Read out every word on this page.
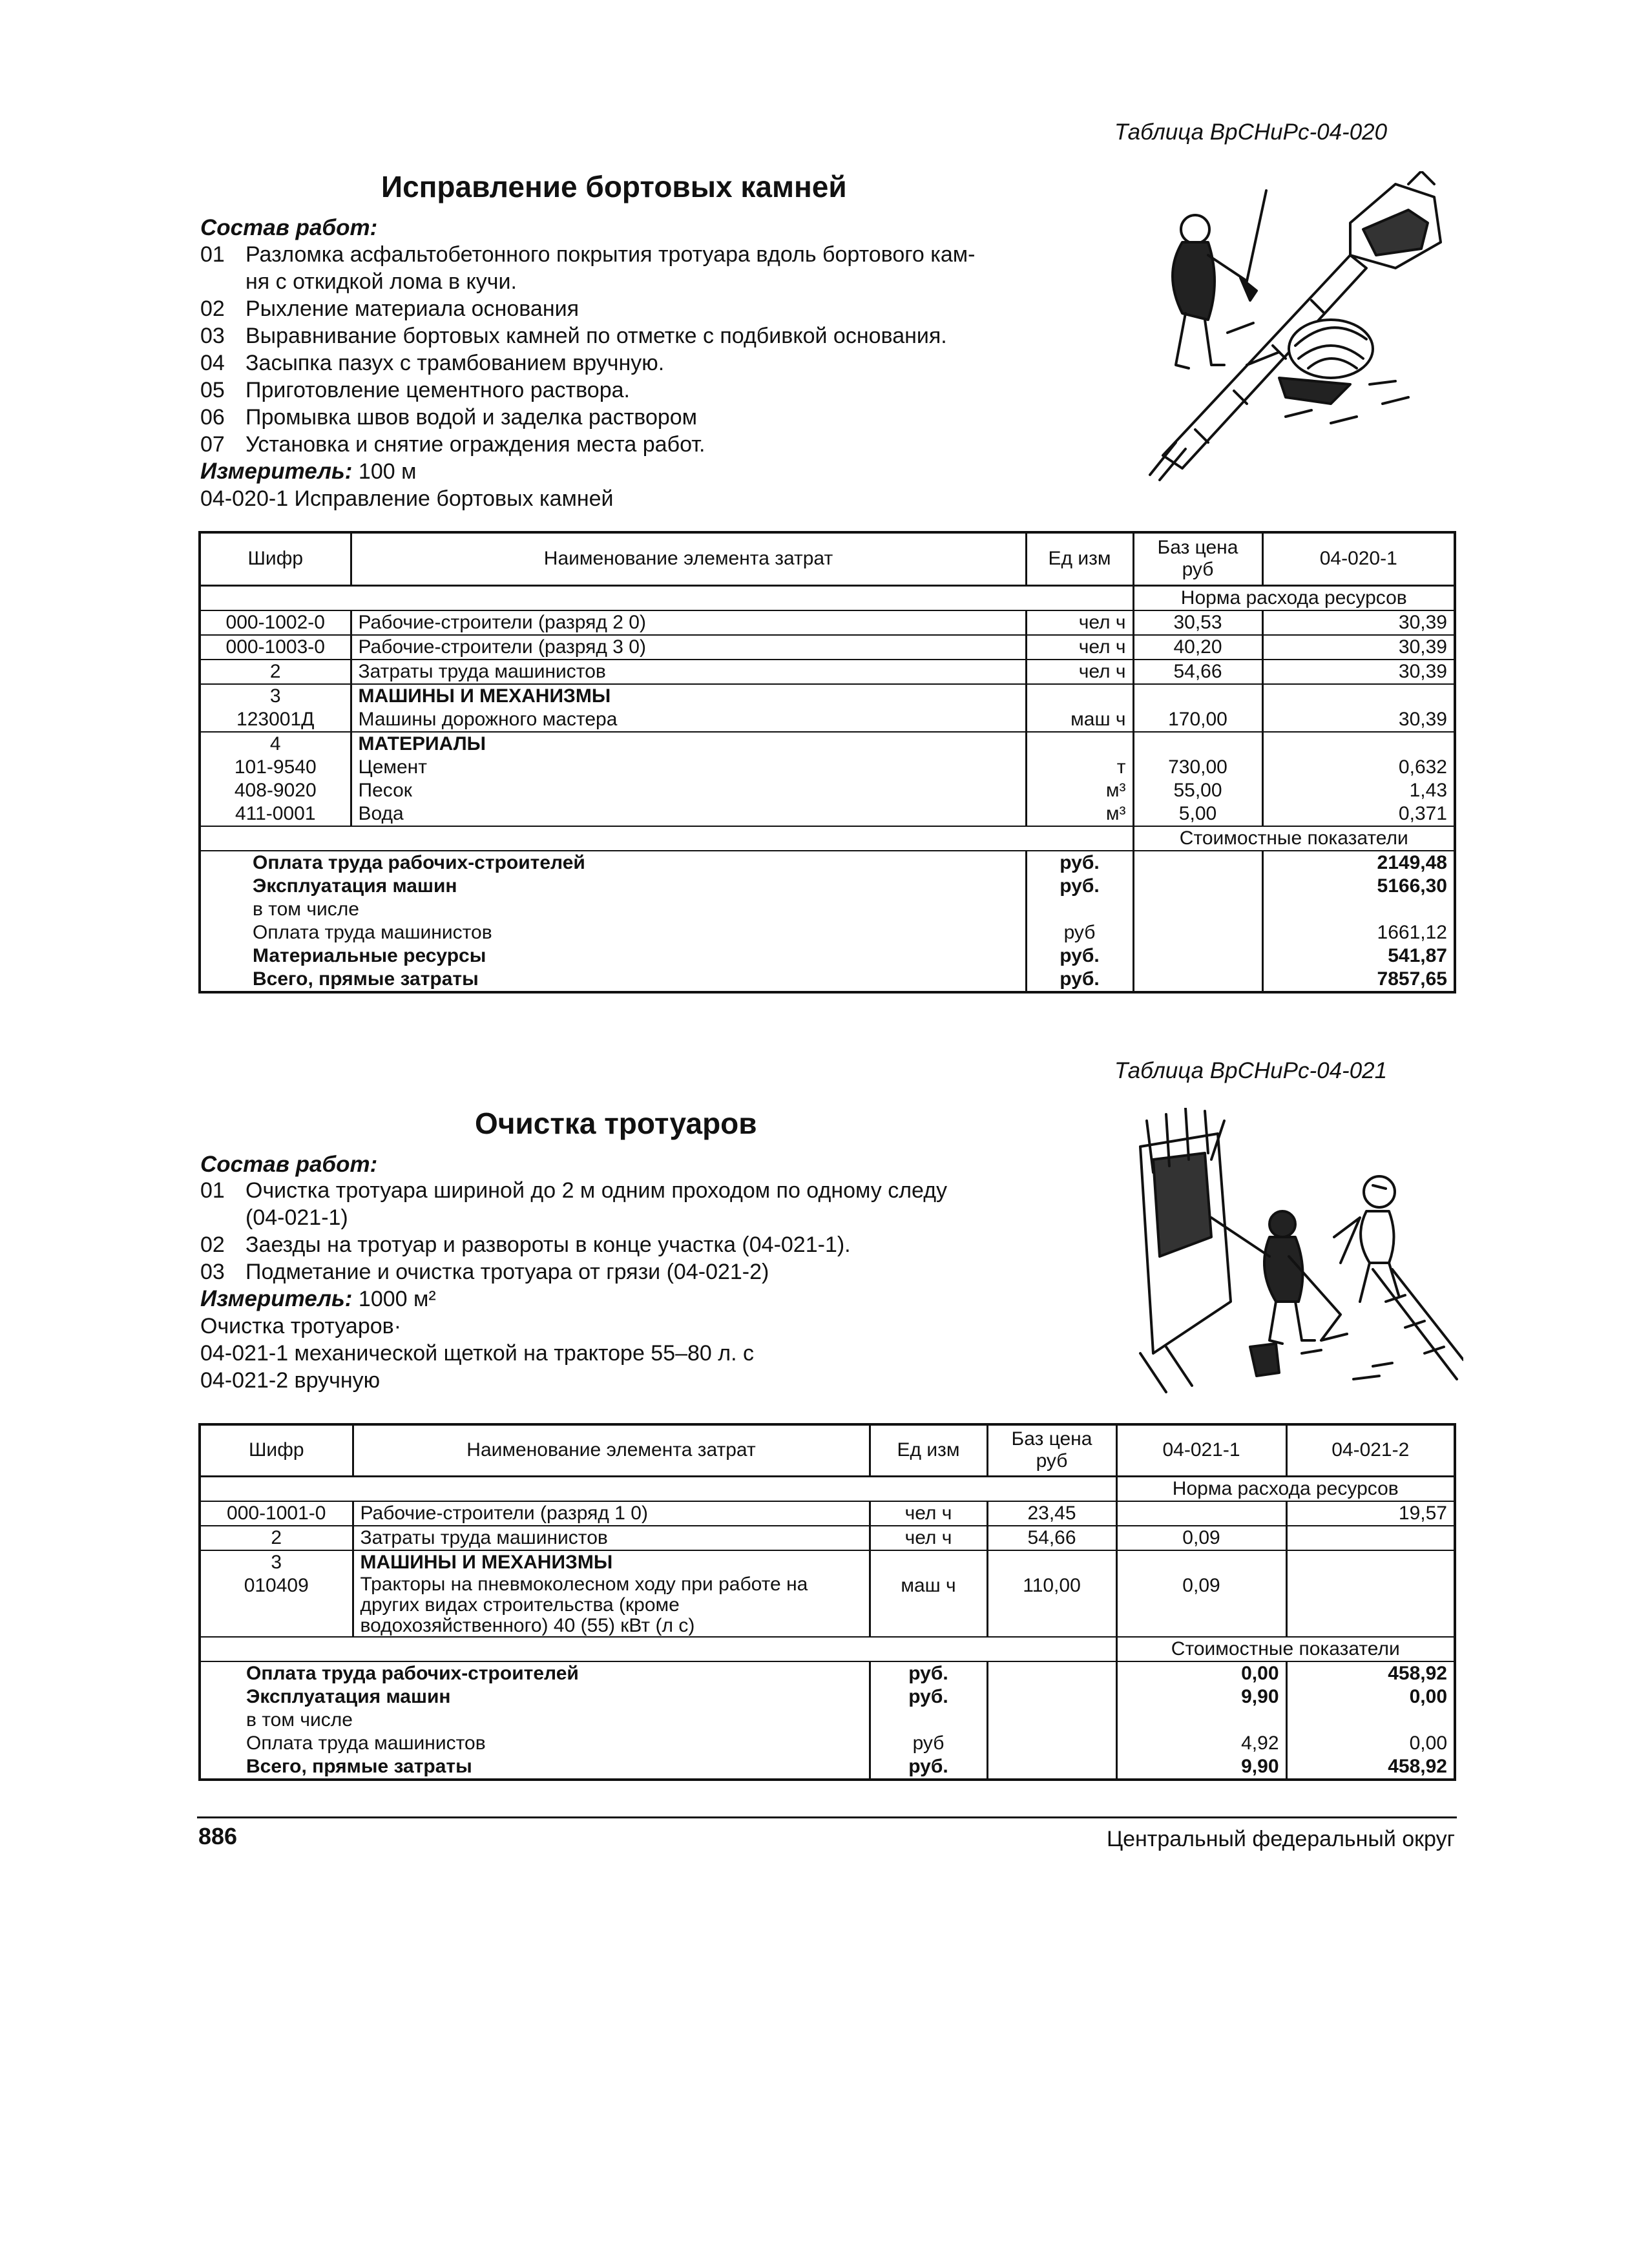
Таблица ВрСНиРс-04-020
Исправление бортовых камней
Состав работ:
01 Разломка асфальтобетонного покрытия тротуара вдоль бортового кам-
ня с откидкой лома в кучи.
02 Рыхление материала основания
03 Выравнивание бортовых камней по отметке с подбивкой основания.
04 Засыпка пазух с трамбованием вручную.
05 Приготовление цементного раствора.
06 Промывка швов водой и заделка раствором
07 Установка и снятие ограждения места работ.
Измеритель: 100 м
04-020-1 Исправление бортовых камней
Шифр	Наименование элемента затрат	Ед изм	Баз цена руб	04-020-1
			Норма расхода ресурсов	
000-1002-0	Рабочие-строители (разряд 2 0)	чел ч	30,53	30,39
000-1003-0	Рабочие-строители (разряд 3 0)	чел ч	40,20	30,39
2	Затраты труда машинистов	чел ч	54,66	30,39
3	МАШИНЫ И МЕХАНИЗМЫ			
123001Д	Машины дорожного мастера	маш ч	170,00	30,39
4	МАТЕРИАЛЫ			
101-9540	Цемент	т	730,00	0,632
408-9020	Песок	м³	55,00	1,43
411-0001	Вода	м³	5,00	0,371
			Стоимостные показатели	
Оплата труда рабочих-строителей		руб.		2149,48
Эксплуатация машин		руб.		5166,30
в том числе				
Оплата труда машинистов		руб		1661,12
Материальные ресурсы		руб.		541,87
Всего, прямые затраты		руб.		7857,65
Таблица ВрСНиРс-04-021
Очистка тротуаров
Состав работ:
01 Очистка тротуара шириной до 2 м одним проходом по одному следу
(04-021-1)
02 Заезды на тротуар и развороты в конце участка (04-021-1).
03 Подметание и очистка тротуара от грязи (04-021-2)
Измеритель: 1000 м²
Очистка тротуаров·
04-021-1 механической щеткой на тракторе 55–80 л. с
04-021-2 вручную
Шифр	Наименование элемента затрат	Ед изм	Баз цена руб	04-021-1	04-021-2
				Норма расхода ресурсов	
000-1001-0	Рабочие-строители (разряд 1 0)	чел ч	23,45		19,57
2	Затраты труда машинистов	чел ч	54,66	0,09	
3	МАШИНЫ И МЕХАНИЗМЫ				
010409	Тракторы на пневмоколесном ходу при работе на других видах строительства (кроме водохозяйственного) 40 (55) кВт (л с)	маш ч	110,00	0,09	
				Стоимостные показатели	
Оплата труда рабочих-строителей		руб.		0,00	458,92
Эксплуатация машин		руб.		9,90	0,00
в том числе					
Оплата труда машинистов		руб		4,92	0,00
Всего, прямые затраты		руб.		9,90	458,92
886	Центральный федеральный округ
